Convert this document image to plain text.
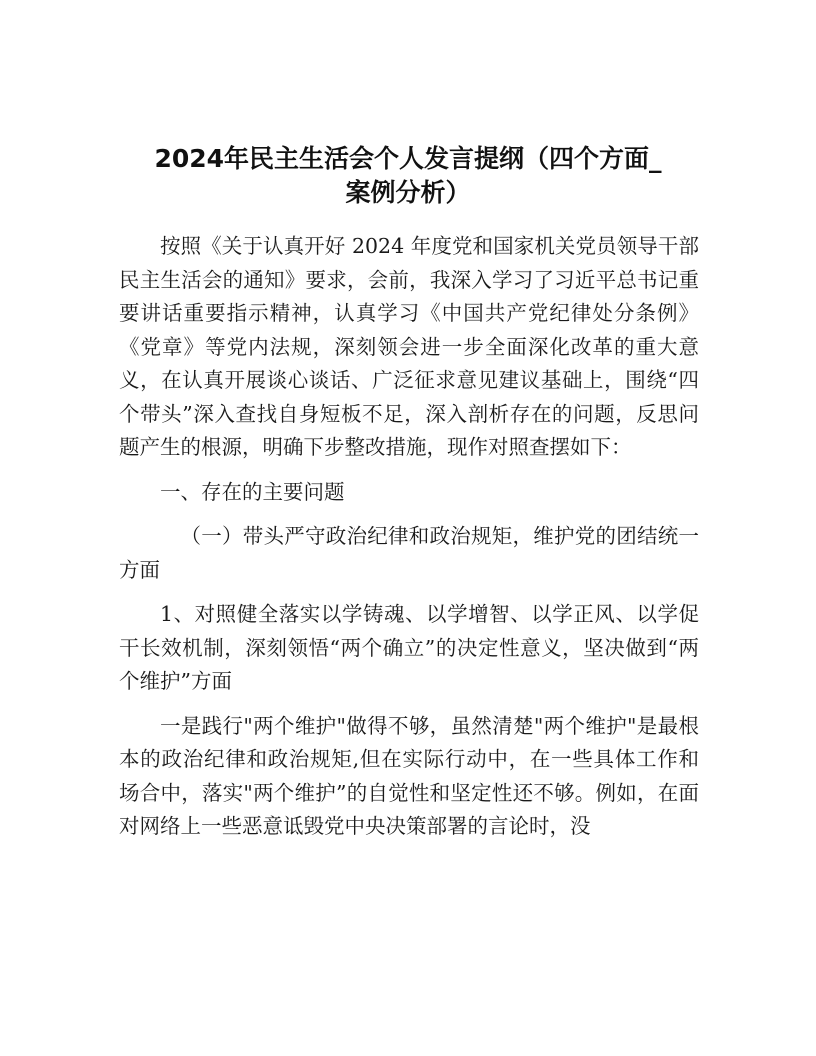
2024年民主生活会个人发言提纲（四个方面_
案例分析）

按照《关于认真开好 2024 年度党和国家机关党员领导干部民主生活会的通知》要求，会前，我深入学习了习近平总书记重要讲话重要指示精神，认真学习《中国共产党纪律处分条例》《党章》等党内法规，深刻领会进一步全面深化改革的重大意义，在认真开展谈心谈话、广泛征求意见建议基础上，围绕“四个带头”深入查找自身短板不足，深入剖析存在的问题，反思问题产生的根源，明确下步整改措施，现作对照查摆如下：

一、存在的主要问题

（一）带头严守政治纪律和政治规矩，维护党的团结统一方面

1、对照健全落实以学铸魂、以学增智、以学正风、以学促干长效机制，深刻领悟“两个确立”的决定性意义，坚决做到“两个维护”方面

一是践行"两个维护"做得不够，虽然清楚"两个维护"是最根本的政治纪律和政治规矩,但在实际行动中，在一些具体工作和场合中，落实"两个维护”的自觉性和坚定性还不够。例如，在面对网络上一些恶意诋毁党中央决策部署的言论时，没
